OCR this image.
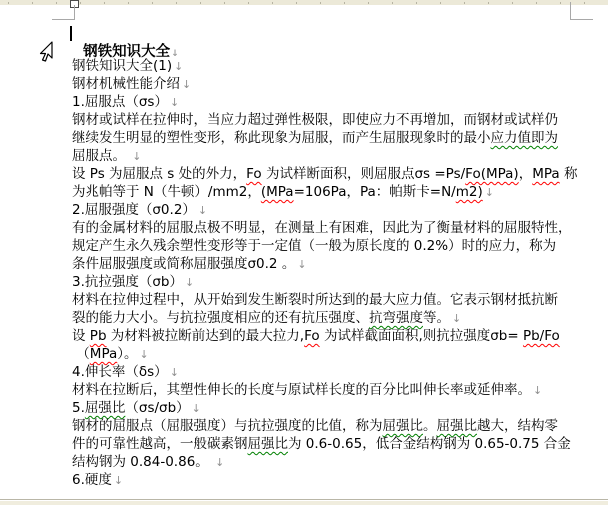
钢铁知识大全↓

钢铁知识大全(1) ↓
钢材机械性能介绍 ↓
1.屈服点（σs） ↓
钢材或试样在拉伸时，当应力超过弹性极限，即使应力不再增加，而钢材或试样仍
继续发生明显的塑性变形，称此现象为屈服，而产生屈服现象时的最小应力值即为
屈服点。 ↓
设 Ps 为屈服点 s 处的外力，Fo 为试样断面积，则屈服点σs =Ps/Fo(MPa)，MPa 称
为兆帕等于 N（牛顿）/mm2，(MPa=106Pa，Pa：帕斯卡=N/m2) ↓
2.屈服强度（σ0.2） ↓
有的金属材料的屈服点极不明显，在测量上有困难，因此为了衡量材料的屈服特性，
规定产生永久残余塑性变形等于一定值（一般为原长度的 0.2%）时的应力，称为
条件屈服强度或简称屈服强度σ0.2 。 ↓
3.抗拉强度（σb） ↓
材料在拉伸过程中，从开始到发生断裂时所达到的最大应力值。它表示钢材抵抗断
裂的能力大小。与抗拉强度相应的还有抗压强度、抗弯强度等。 ↓
设 Pb 为材料被拉断前达到的最大拉力,Fo 为试样截面面积,则抗拉强度σb= Pb/Fo
（MPa）。 ↓
4.伸长率（δs） ↓
材料在拉断后，其塑性伸长的长度与原试样长度的百分比叫伸长率或延伸率。 ↓
5.屈强比（σs/σb） ↓
钢材的屈服点（屈服强度）与抗拉强度的比值，称为屈强比。屈强比越大，结构零
件的可靠性越高，一般碳素钢屈强比为 0.6-0.65，低合金结构钢为 0.65-0.75 合金
结构钢为 0.84-0.86。 ↓
6.硬度 ↓
